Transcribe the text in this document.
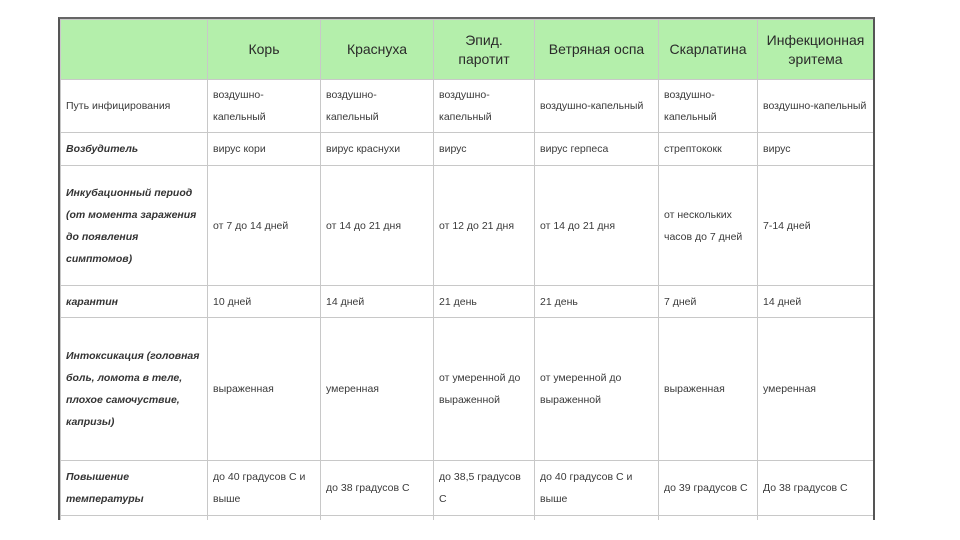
	Корь	Краснуха	Эпид. паротит	Ветряная оспа	Скарлатина	Инфекционная эритема
Путь инфицирования	воздушно-капельный	воздушно-капельный	воздушно-капельный	воздушно-капельный	воздушно-капельный	воздушно-капельный
Возбудитель	вирус кори	вирус краснухи	вирус	вирус герпеса	стрептококк	вирус
Инкубационный период (от момента заражения до появления симптомов)	от 7 до 14 дней	от 14 до 21 дня	от 12 до 21 дня	от 14 до 21 дня	от нескольких часов до 7 дней	7-14 дней
карантин	10 дней	14 дней	21 день	21 день	7 дней	14 дней
Интоксикация (головная боль, ломота в теле, плохое самочуствие, капризы)	выраженная	умеренная	от умеренной до выраженной	от умеренной до выраженной	выраженная	умеренная
Повышение температуры	до 40 градусов С и выше	до 38 градусов С	до 38,5 градусов С	до 40 градусов С и выше	до 39 градусов С	До 38 градусов С
